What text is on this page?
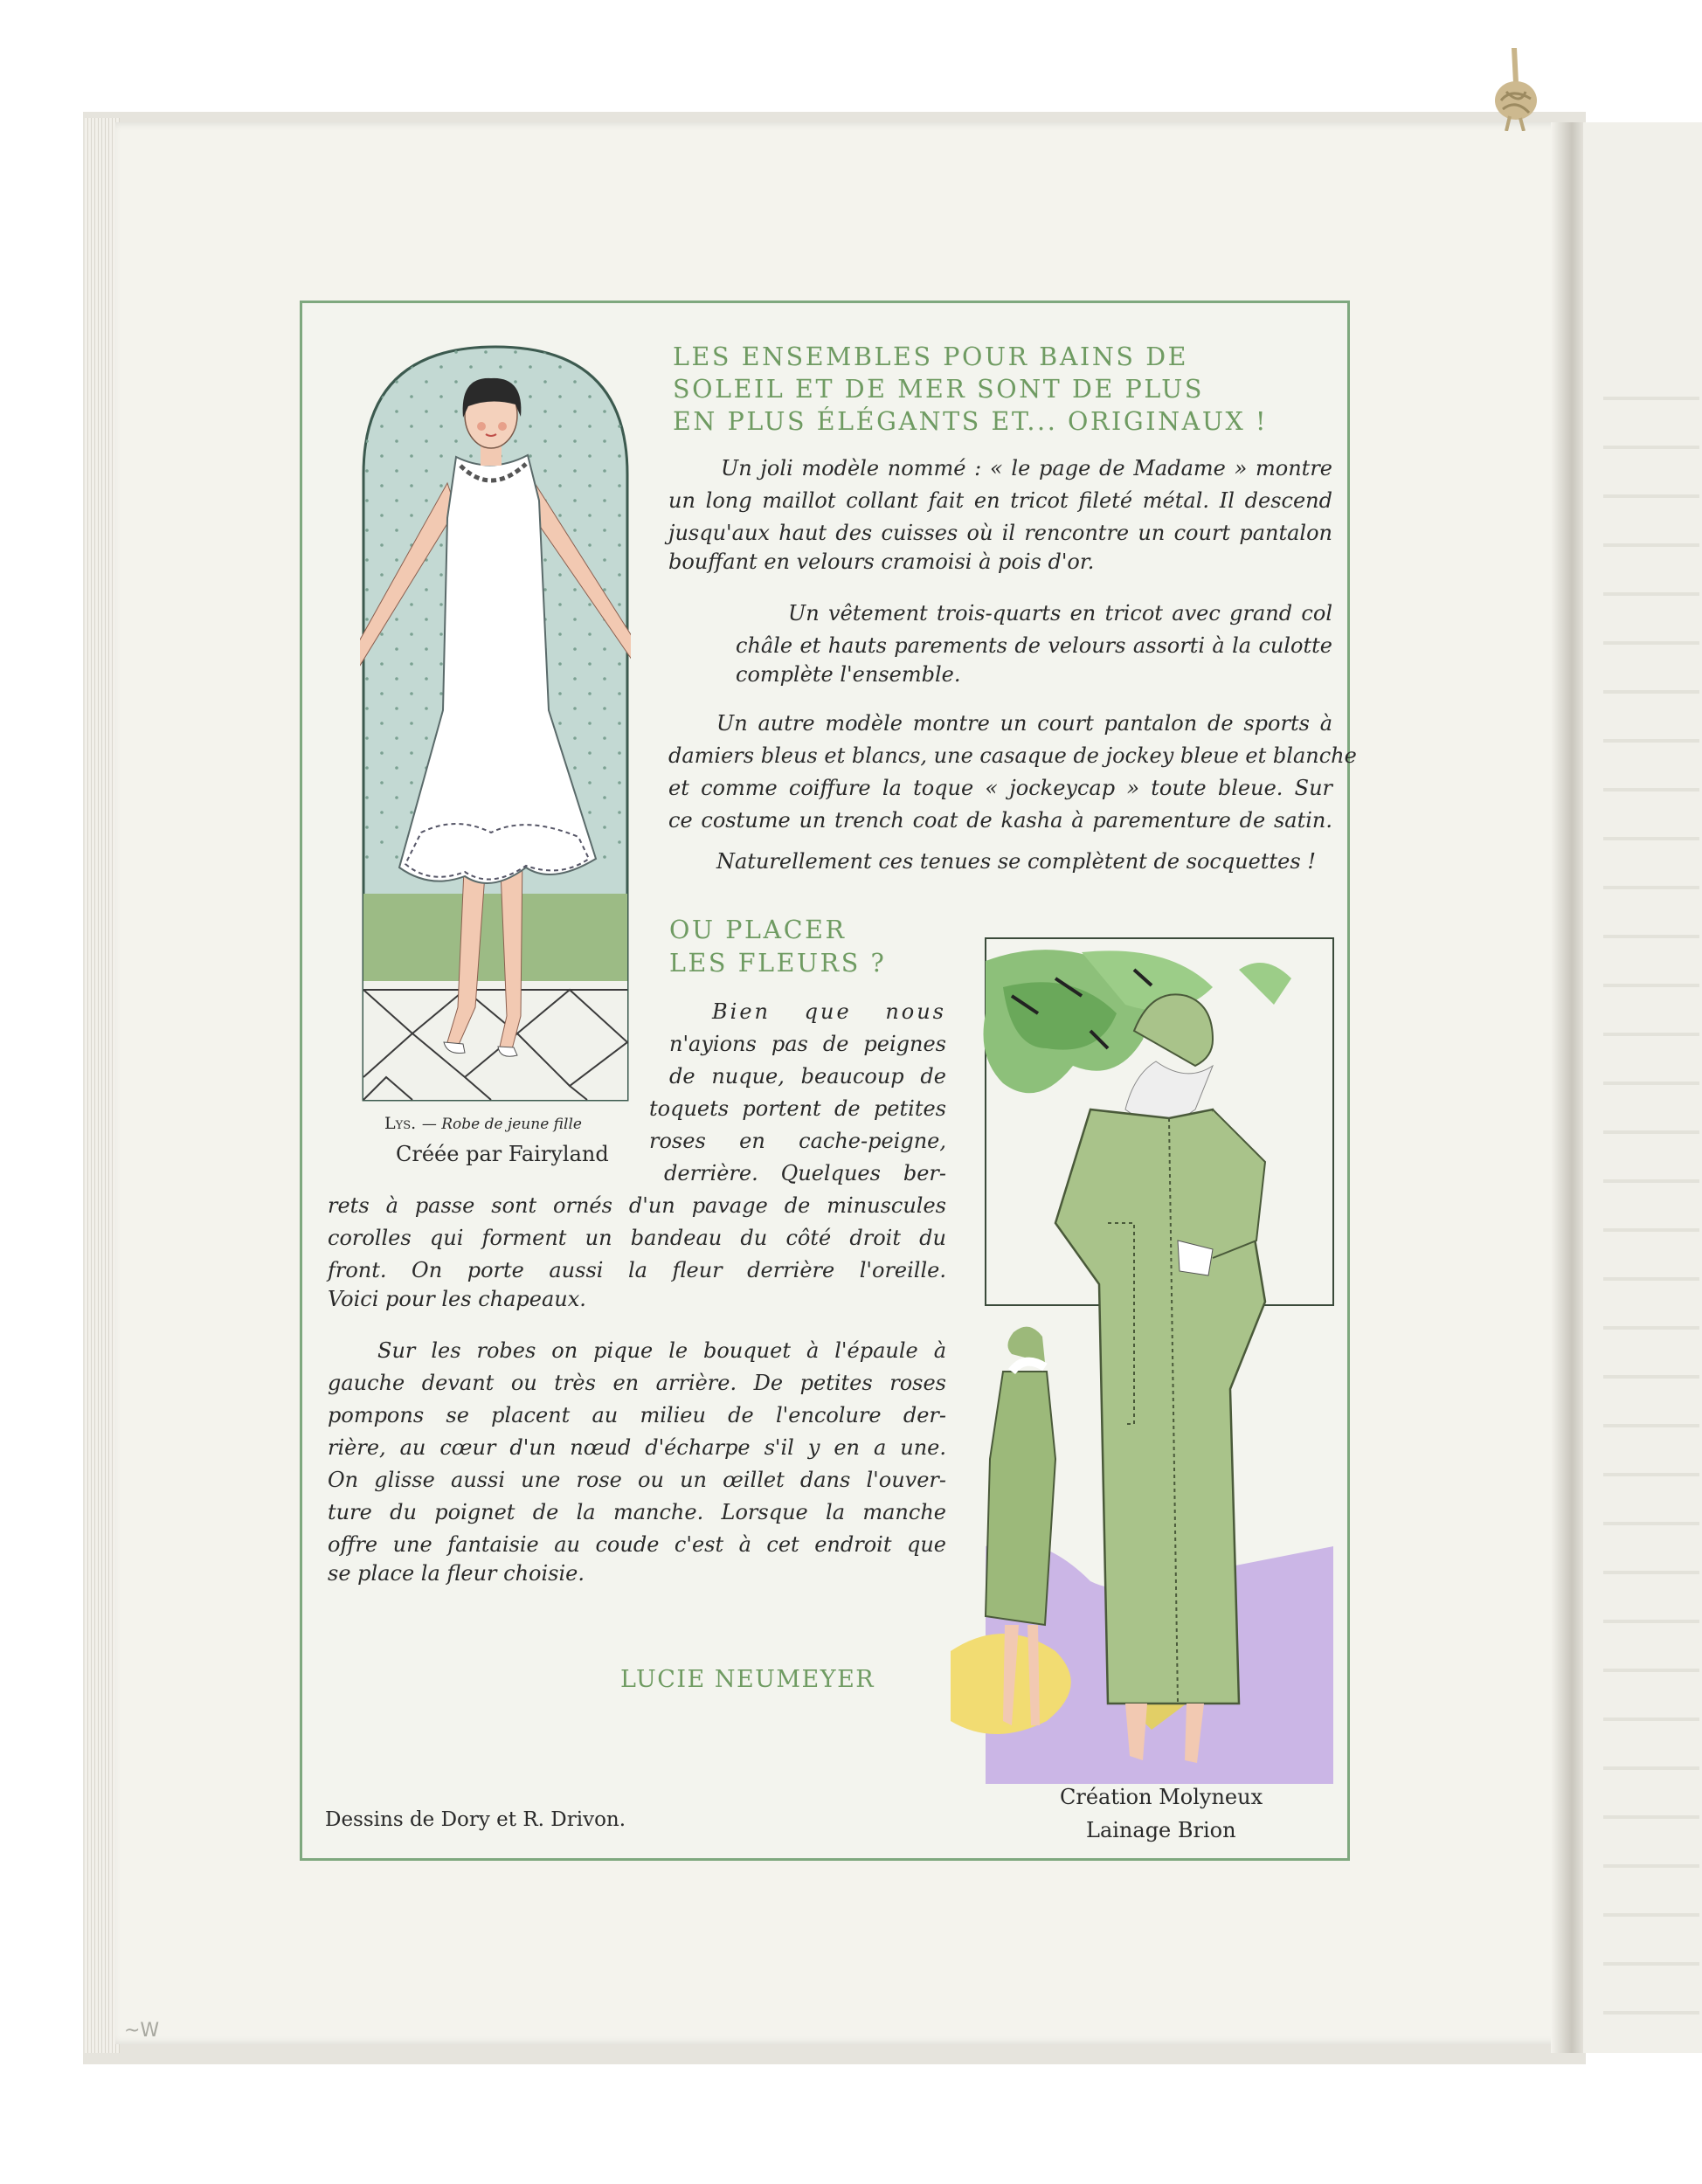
Lys. — Robe de jeune fille
Créée par Fairyland
LES ENSEMBLES POUR BAINS DE
SOLEIL ET DE MER SONT DE PLUS
EN PLUS ÉLÉGANTS ET... ORIGINAUX !
Un joli modèle nommé : « le page de Madame » montre
un long maillot collant fait en tricot fileté métal. Il descend
jusqu'aux haut des cuisses où il rencontre un court pantalon
bouffant en velours cramoisi à pois d'or.
Un vêtement trois-quarts en tricot avec grand col
châle et hauts parements de velours assorti à la culotte
complète l'ensemble.
Un autre modèle montre un court pantalon de sports à
damiers bleus et blancs, une casaque de jockey bleue et blanche
et comme coiffure la toque « jockeycap » toute bleue. Sur
ce costume un trench coat de kasha à parementure de satin.
Naturellement ces tenues se complètent de socquettes !
OU PLACER
LES FLEURS ?
Bien que nous
n'ayions pas de peignes
de nuque, beaucoup de
toquets portent de petites
roses en cache-peigne,
derrière. Quelques ber-
rets à passe sont ornés d'un pavage de minuscules
corolles qui forment un bandeau du côté droit du
front. On porte aussi la fleur derrière l'oreille.
Voici pour les chapeaux.
Sur les robes on pique le bouquet à l'épaule à
gauche devant ou très en arrière. De petites roses
pompons se placent au milieu de l'encolure der-
rière, au cœur d'un nœud d'écharpe s'il y en a une.
On glisse aussi une rose ou un œillet dans l'ouver-
ture du poignet de la manche. Lorsque la manche
offre une fantaisie au coude c'est à cet endroit que
se place la fleur choisie.
LUCIE NEUMEYER
Création Molyneux
Lainage Brion
Dessins de Dory et R. Drivon.
~W
